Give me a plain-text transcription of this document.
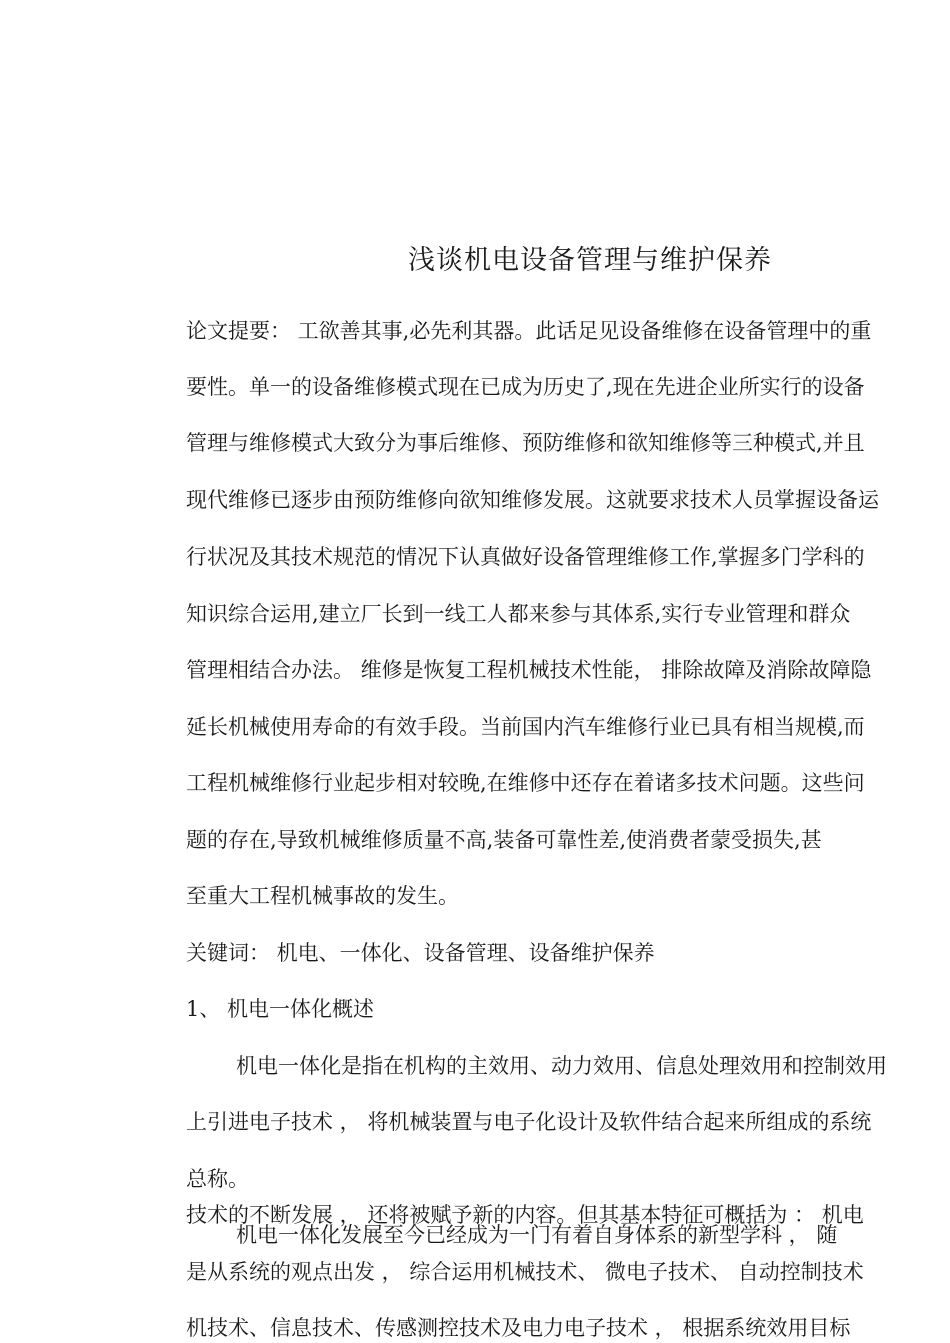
浅谈机电设备管理与维护保养
论文提要： 工欲善其事,必先利其器。此话足见设备维修在设备管理中的重
要性。单一的设备维修模式现在已成为历史了,现在先进企业所实行的设备
管理与维修模式大致分为事后维修、预防维修和欲知维修等三种模式,并且
现代维修已逐步由预防维修向欲知维修发展。这就要求技术人员掌握设备运
行状况及其技术规范的情况下认真做好设备管理维修工作,掌握多门学科的
知识综合运用,建立厂长到一线工人都来参与其体系,实行专业管理和群众
管理相结合办法。 维修是恢复工程机械技术性能， 排除故障及消除故障隐
延长机械使用寿命的有效手段。当前国内汽车维修行业已具有相当规模,而
工程机械维修行业起步相对较晚,在维修中还存在着诸多技术问题。这些问
题的存在,导致机械维修质量不高,装备可靠性差,使消费者蒙受损失,甚
至重大工程机械事故的发生。
关键词： 机电、一体化、设备管理、设备维护保养
1、 机电一体化概述
机电一体化是指在机构的主效用、动力效用、信息处理效用和控制效用
上引进电子技术 ， 将机械装置与电子化设计及软件结合起来所组成的系统
总称。
技术的不断发展 ， 还将被赋予新的内容。但其基本特征可概括为 ： 机电
机电一体化发展至今已经成为一门有着自身体系的新型学科 ， 随
是从系统的观点出发 ， 综合运用机械技术、 微电子技术、 自动控制技术
机技术、信息技术、传感测控技术及电力电子技术 ， 根据系统效用目标
